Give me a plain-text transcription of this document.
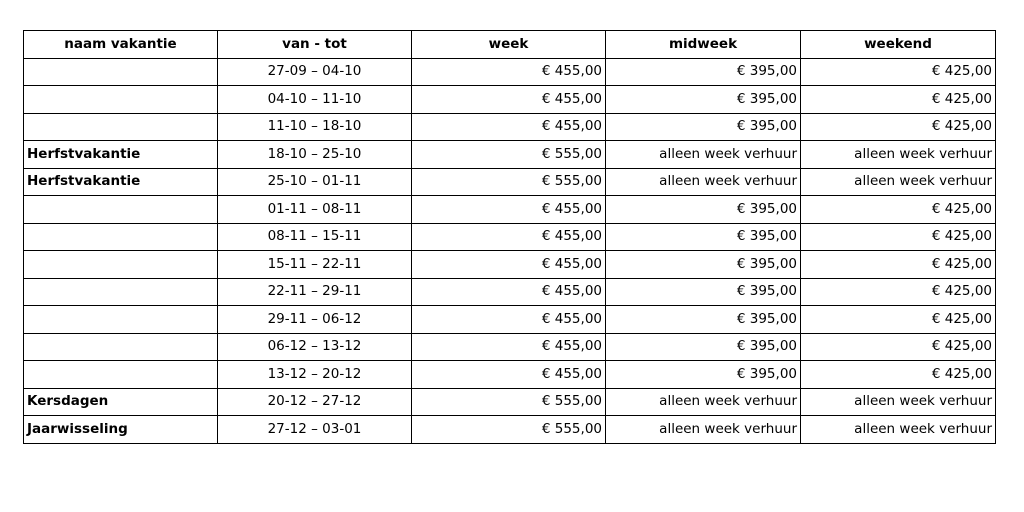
naam vakantie	van - tot	week	midweek	weekend
	27-09 – 04-10	€ 455,00	€ 395,00	€ 425,00
	04-10 – 11-10	€ 455,00	€ 395,00	€ 425,00
	11-10 – 18-10	€ 455,00	€ 395,00	€ 425,00
Herfstvakantie	18-10 – 25-10	€ 555,00	alleen week verhuur	alleen week verhuur
Herfstvakantie	25-10 – 01-11	€ 555,00	alleen week verhuur	alleen week verhuur
	01-11 – 08-11	€ 455,00	€ 395,00	€ 425,00
	08-11 – 15-11	€ 455,00	€ 395,00	€ 425,00
	15-11 – 22-11	€ 455,00	€ 395,00	€ 425,00
	22-11 – 29-11	€ 455,00	€ 395,00	€ 425,00
	29-11 – 06-12	€ 455,00	€ 395,00	€ 425,00
	06-12 – 13-12	€ 455,00	€ 395,00	€ 425,00
	13-12 – 20-12	€ 455,00	€ 395,00	€ 425,00
Kersdagen	20-12 – 27-12	€ 555,00	alleen week verhuur	alleen week verhuur
Jaarwisseling	27-12 – 03-01	€ 555,00	alleen week verhuur	alleen week verhuur
